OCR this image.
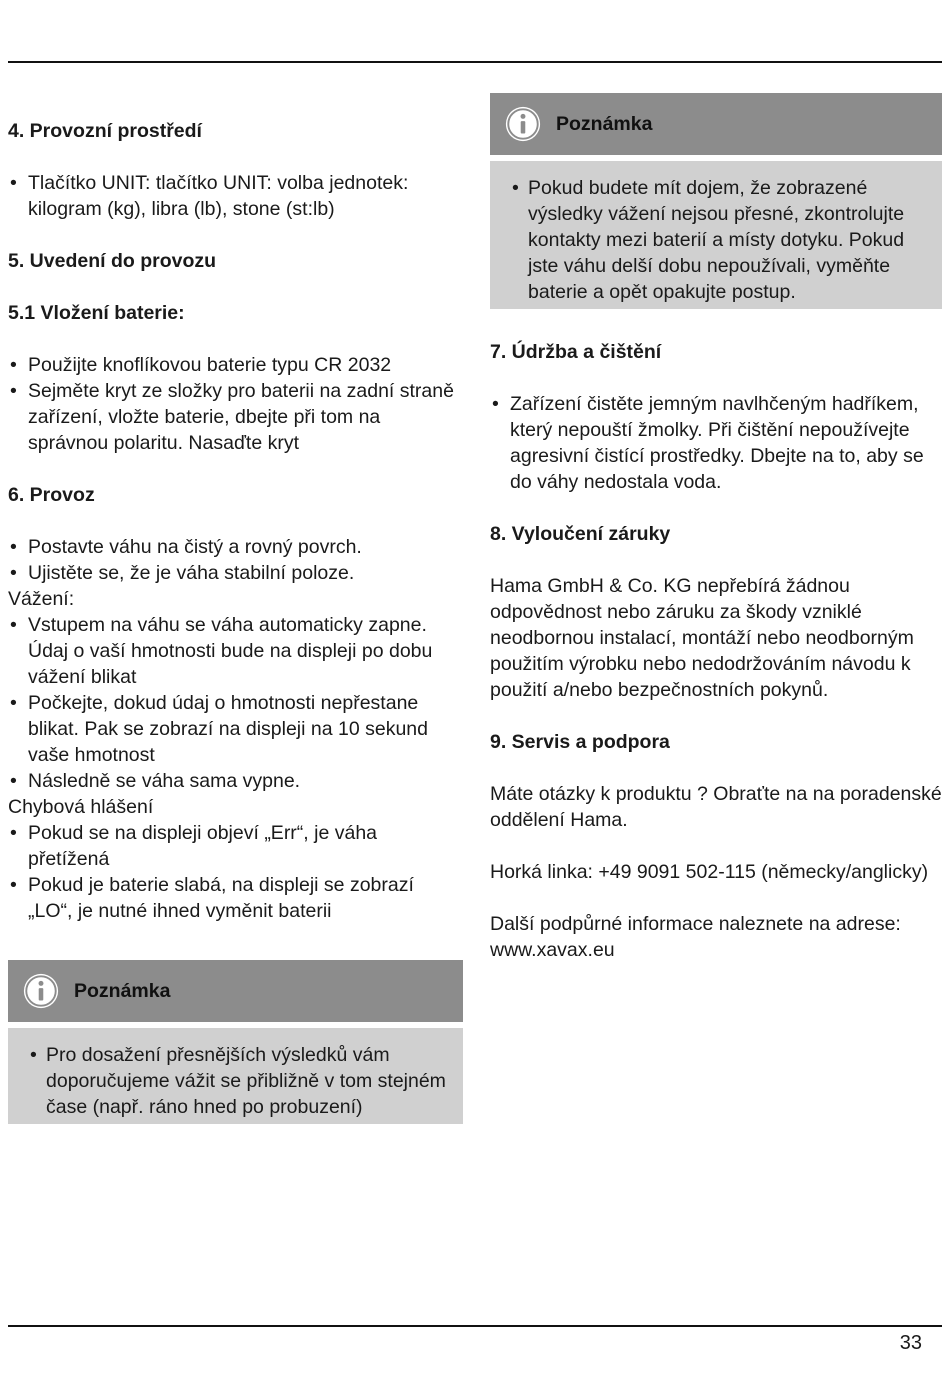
4. Provozní prostředí
• Tlačítko UNIT: tlačítko UNIT: volba jednotek: kilogram (kg), libra (lb), stone (st:lb)
5. Uvedení do provozu
5.1 Vložení baterie:
• Použijte knoflíkovou baterie typu CR 2032
• Sejměte kryt ze složky pro baterii na zadní straně zařízení, vložte baterie, dbejte při tom na správnou polaritu. Nasaďte kryt
6. Provoz
• Postavte váhu na čistý a rovný povrch.
• Ujistěte se, že je váha stabilní poloze.

Vážení:

• Vstupem na váhu se váha automaticky zapne. Údaj o vaší hmotnosti bude na displeji po dobu vážení blikat
• Počkejte, dokud údaj o hmotnosti nepřestane blikat. Pak se zobrazí na displeji na 10 sekund vaše hmotnost
• Následně se váha sama vypne.

Chybová hlášení

• Pokud se na displeji objeví „Err“, je váha přetížená
• Pokud je baterie slabá, na displeji se zobrazí „LO“, je nutné ihned vyměnit baterii
Poznámka
• Pro dosažení přesnějších výsledků vám doporučujeme vážit se přibližně v tom stejném čase (např. ráno hned po probuzení)
Poznámka
• Pokud budete mít dojem, že zobrazené výsledky vážení nejsou přesné, zkontrolujte kontakty mezi baterií a místy dotyku. Pokud jste váhu delší dobu nepoužívali, vyměňte baterie a opět opakujte postup.
7. Údržba a čištění
• Zařízení čistěte jemným navlhčeným hadříkem, který nepouští žmolky. Při čištění nepoužívejte agresivní čistící prostředky. Dbejte na to, aby se do váhy nedostala voda.
8. Vyloučení záruky

Hama GmbH & Co. KG nepřebírá žádnou odpovědnost nebo záruku za škody vzniklé neodbornou instalací, montáží nebo neodborným použitím výrobku nebo nedodržováním návodu k použití a/nebo bezpečnostních pokynů.

9. Servis a podpora

Máte otázky k produktu ? Obraťte na na poradenské oddělení Hama.

Horká linka: +49 9091 502-115 (německy/anglicky)

Další podpůrné informace naleznete na adrese: www.xavax.eu

33
